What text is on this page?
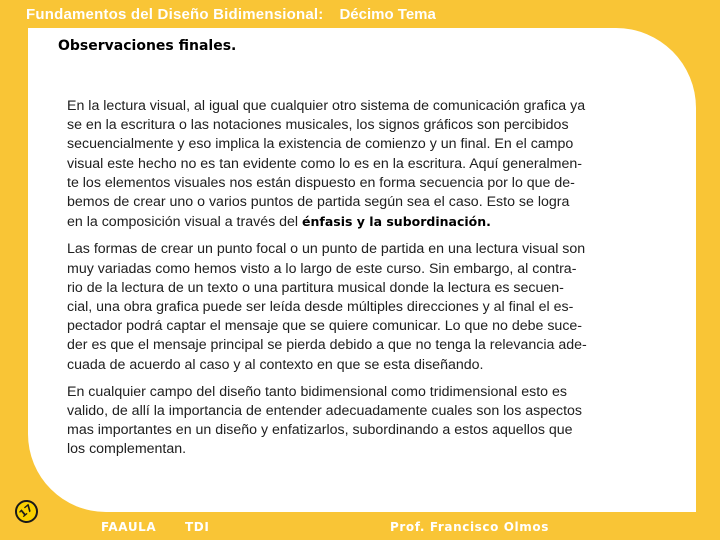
Fundamentos del Diseño Bidimensional: Décimo Tema
Observaciones finales.

En la lectura visual, al igual que cualquier otro sistema de comunicación grafica ya
se en la escritura o las notaciones musicales, los signos gráficos son percibidos
secuencialmente y eso implica la existencia de comienzo y un final. En el campo
visual este hecho no es tan evidente como lo es en la escritura. Aquí generalmen-
te los elementos visuales nos están dispuesto en forma secuencia por lo que de-
bemos de crear uno o varios puntos de partida según sea el caso. Esto se logra
en la composición visual a través del énfasis y la subordinación.

Las formas de crear un punto focal o un punto de partida en una lectura visual son
muy variadas como hemos visto a lo largo de este curso. Sin embargo, al contra-
rio de la lectura de un texto o una partitura musical donde la lectura es secuen-
cial, una obra grafica puede ser leída desde múltiples direcciones y al final el es-
pectador podrá captar el mensaje que se quiere comunicar. Lo que no debe suce-
der es que el mensaje principal se pierda debido a que no tenga la relevancia ade-
cuada de acuerdo al caso y al contexto en que se esta diseñando.

En cualquier campo del diseño tanto bidimensional como tridimensional esto es
valido, de allí la importancia de entender adecuadamente cuales son los aspectos
mas importantes en un diseño y enfatizarlos, subordinando a estos aquellos que
los complementan.

17
FAAULA TDI	Prof. Francisco Olmos
